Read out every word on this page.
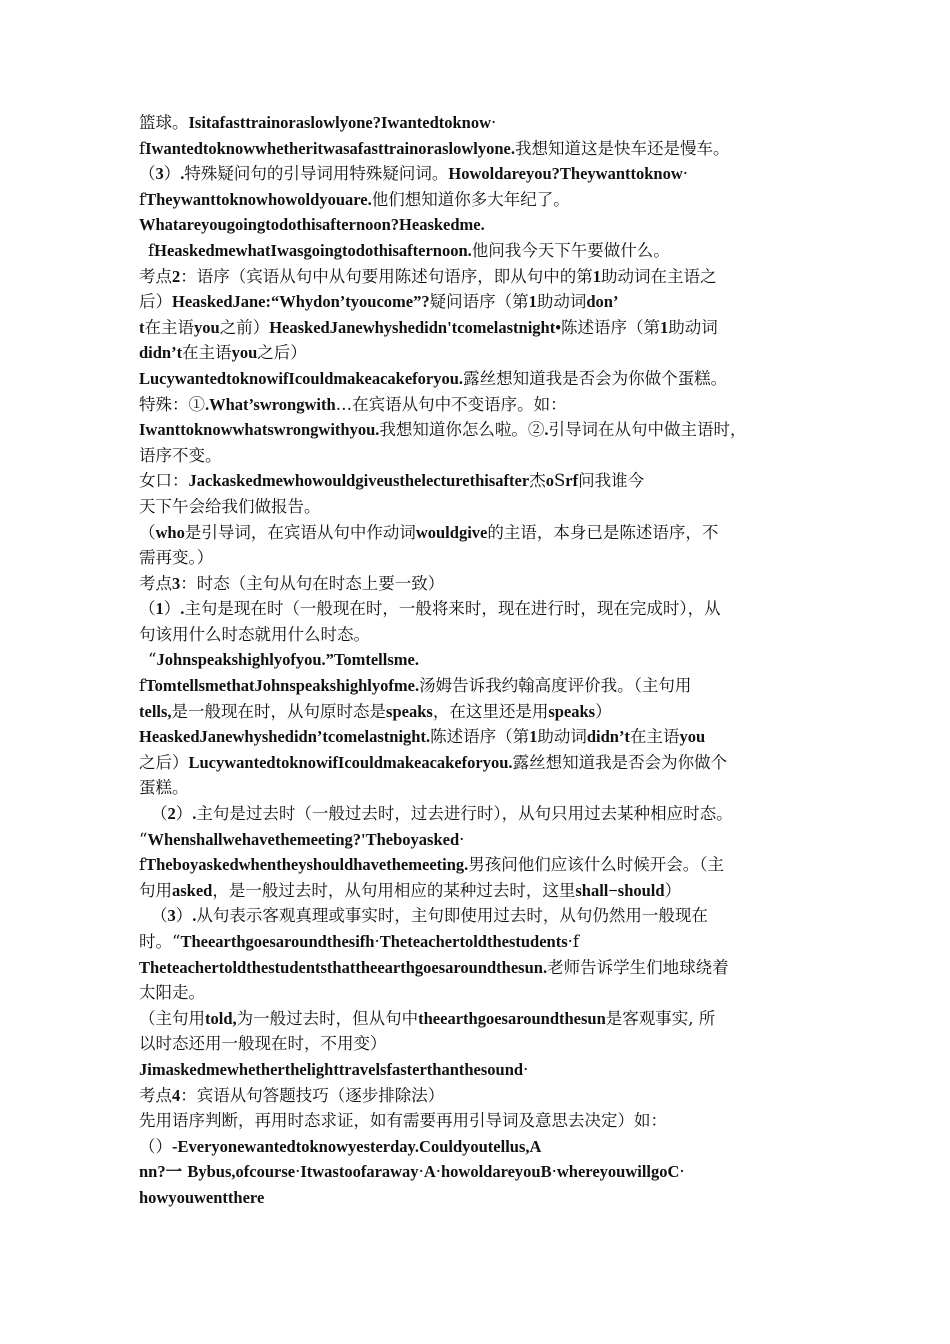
篮球。Isitafasttrainoraslowlyone?Iwantedtoknow·
fIwantedtoknowwhetheritwasafasttrainoraslowlyone.我想知道这是快车还是慢车。
（3）.特殊疑问句的引导词用特殊疑问词。Howoldareyou?Theywanttoknow·
fTheywanttoknowhowoldyouare.他们想知道你多大年纪了。
Whatareyougoingtodothisafternoon?Heaskedme.
fHeaskedmewhatIwasgoingtodothisafternoon.他问我今天下午要做什么。
考点2：语序（宾语从句中从句要用陈述句语序，即从句中的第1助动词在主语之
后）HeaskedJane:“Whydon’tyoucome”?疑问语序（第1助动词don’
t在主语you之前）HeaskedJanewhyshedidn'tcomelastnight•陈述语序（第1助动词
didn’t在主语you之后）
LucywantedtoknowifIcouldmakeacakeforyou.露丝想知道我是否会为你做个蛋糕。
特殊：①.What’swrongwith…在宾语从句中不变语序。如：
Iwanttoknowwhatswrongwithyou.我想知道你怎么啦。②.引导词在从句中做主语时，
语序不变。
女口：Jackaskedmewhowouldgiveusthelecturethisafter杰oSrf问我谁今
天下午会给我们做报告。
（who是引导词，在宾语从句中作动词wouldgive的主语，本身已是陈述语序，不
需再变。）
考点3：时态（主句从句在时态上要一致）
（1）.主句是现在时（一般现在时，一般将来时，现在进行时，现在完成时），从
句该用什么时态就用什么时态。
“Johnspeakshighlyofyou.”Tomtellsme.
fTomtellsmethatJohnspeakshighlyofme.汤姆告诉我约翰高度评价我。（主句用
tells,是一般现在时，从句原时态是speaks，在这里还是用speaks）
HeaskedJanewhyshedidn’tcomelastnight.陈述语序（第1助动词didn’t在主语you
之后）LucywantedtoknowifIcouldmakeacakeforyou.露丝想知道我是否会为你做个
蛋糕。
（2）.主句是过去时（一般过去时，过去进行时），从句只用过去某种相应时态。
“Whenshallwehavethemeeting?'Theboyasked·
fTheboyaskedwhentheyshouldhavethemeeting.男孩问他们应该什么时候开会。（主
句用asked，是一般过去时，从句用相应的某种过去时，这里shall−should）
（3）.从句表示客观真理或事实时，主句即使用过去时，从句仍然用一般现在
时。“Theearthgoesaroundthesifh·Theteachertoldthestudents·f
Theteachertoldthestudentsthattheearthgoesaroundthesun.老师告诉学生们地球绕着
太阳走。
（主句用told,为一般过去时，但从句中theearthgoesaroundthesun是客观事实, 所
以时态还用一般现在时，不用变）
Jimaskedmewhetherthelighttravelsfasterthanthesound·
考点4：宾语从句答题技巧（逐步排除法）
先用语序判断，再用时态求证，如有需要再用引导词及意思去决定）如：
（）-Everyonewantedtoknowyesterday.Couldyoutellus,A
nn?一 Bybus,ofcourse·Itwastoofaraway·A·howoldareyouB·whereyouwillgoC·
howyouwentthere
